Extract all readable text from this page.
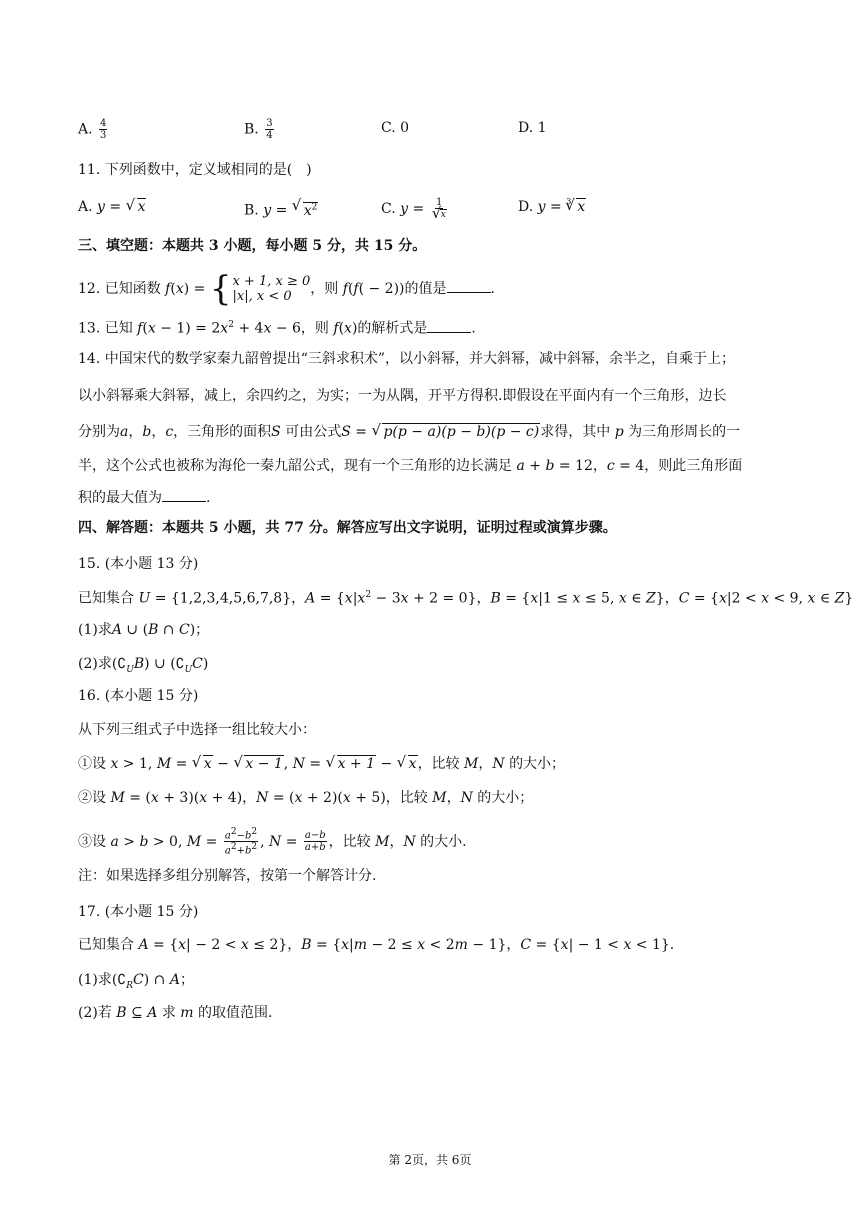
A. $\frac{4}{3}$	B. $\frac{3}{4}$	C. 0	D. 1
11. 下列函数中，定义域相同的是( )
A. y = √ x	B. y = √ $x^2$	C. y = 1
√ x	D. y = $^3$√ x
三、填空题：本题共 3 小题，每小题 5 分，共 15 分。
12. 已知函数 f(x) = { x + 1, x ≥ 0
|x|, x < 0	，则 f(f( − 2))的值是	.
13. 已知 $f(x - 1) = 2x^2 + 4x - 6$，则 f(x)的解析式是	.
14. 中国宋代的数学家秦九韶曾提出“三斜求积术”，以小斜幂，并大斜幂，减中斜幂，余半之，自乘于上；
以小斜幂乘大斜幂，减上，余四约之，为实；一为从隅，开平方得积.即假设在平面内有一个三角形，边长
分别为a，b，c，三角形的面积S 可由公式S = √ p(p − a)(p − b)(p − c)求得，其中 p 为三角形周长的一
半，这个公式也被称为海伦一秦九韶公式，现有一个三角形的边长满足 a + b = 12，c = 4，则此三角形面
积的最大值为	.
四、解答题：本题共 5 小题，共 77 分。解答应写出文字说明，证明过程或演算步骤。
15. (本小题 13 分)
已知集合 U = {1,2,3,4,5,6,7,8}，$A = \{x|x^2 - 3x + 2 = 0\}$，B = {x|1 ≤ x ≤ 5, x ∈ Z}，C = {x|2 < x < 9, x ∈ Z}
(1)求A ∪ (B ∩ C)；
(2)求$(∁_UB)$ ∪ $(∁_UC)$
16. (本小题 15 分)
从下列三组式子中选择一组比较大小：
①设 x > 1, M = √ x − √ x − 1, N = √ x + 1 − √ x，比较 M，N 的大小；
②设 M = (x + 3)(x + 4)，N = (x + 2)(x + 5)，比较 M，N 的大小；
③设 a > b > 0, $M = \frac{a^2-b^2}{a^2+b^2}$ , $N = \frac{a-b}{a+b}$ ，比较 M，N 的大小.
注：如果选择多组分别解答，按第一个解答计分.
17. (本小题 15 分)
已知集合 A = {x| − 2 < x ≤ 2}，B = {x|m − 2 ≤ x < 2m − 1}，C = {x| − 1 < x < 1}.
(1)求$(∁_RC)$ ∩ A；
(2)若 B ⊆ A 求 m 的取值范围.
第 2页，共 6页
